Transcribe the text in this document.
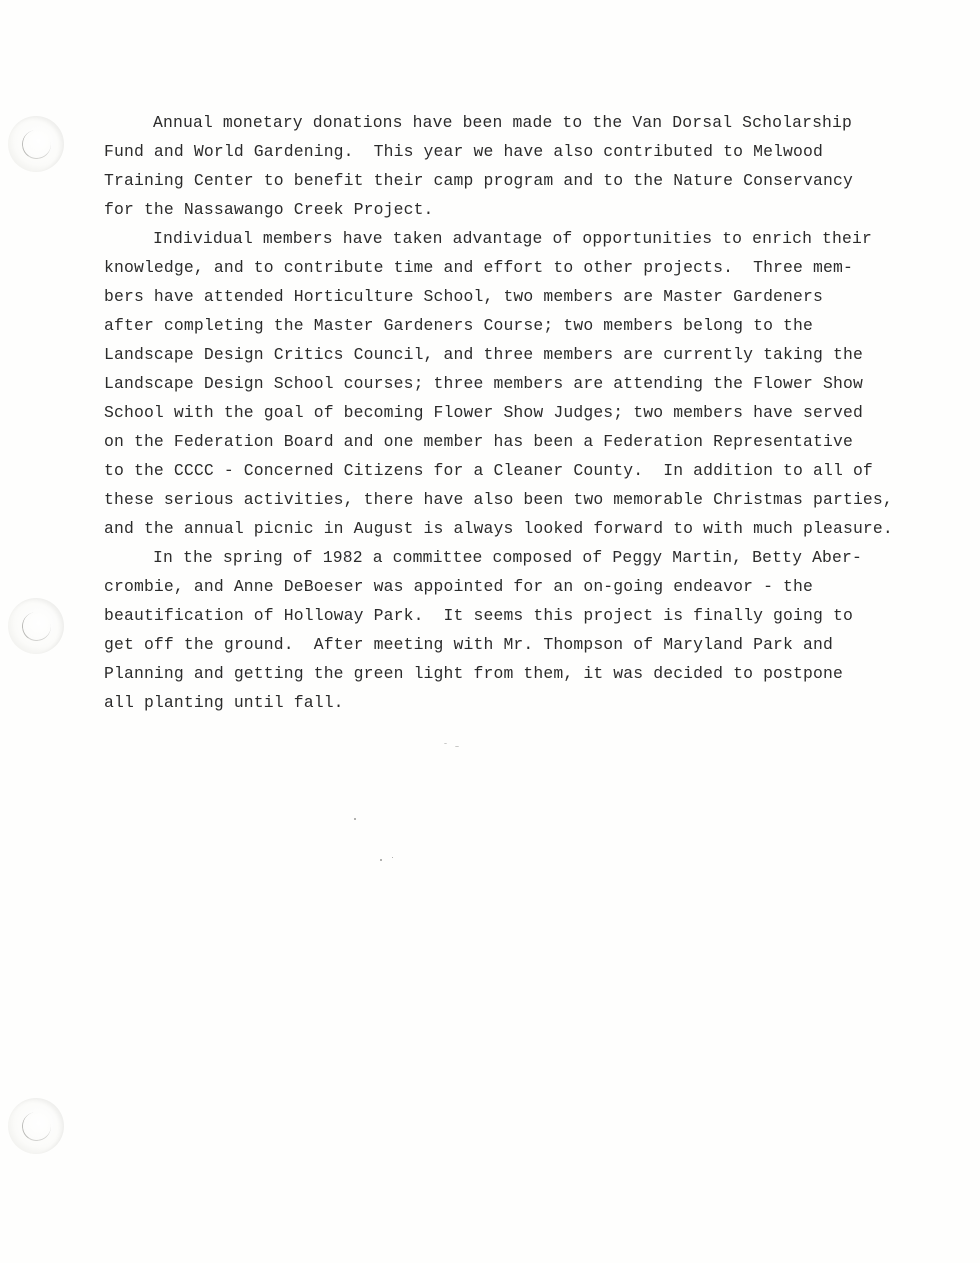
Annual monetary donations have been made to the Van Dorsal Scholarship
Fund and World Gardening.  This year we have also contributed to Melwood
Training Center to benefit their camp program and to the Nature Conservancy
for the Nassawango Creek Project.
Individual members have taken advantage of opportunities to enrich their
knowledge, and to contribute time and effort to other projects.  Three mem-
bers have attended Horticulture School, two members are Master Gardeners
after completing the Master Gardeners Course; two members belong to the
Landscape Design Critics Council, and three members are currently taking the
Landscape Design School courses; three members are attending the Flower Show
School with the goal of becoming Flower Show Judges; two members have served
on the Federation Board and one member has been a Federation Representative
to the CCCC - Concerned Citizens for a Cleaner County.  In addition to all of
these serious activities, there have also been two memorable Christmas parties,
and the annual picnic in August is always looked forward to with much pleasure.
In the spring of 1982 a committee composed of Peggy Martin, Betty Aber-
crombie, and Anne DeBoeser was appointed for an on-going endeavor - the
beautification of Holloway Park.  It seems this project is finally going to
get off the ground.  After meeting with Mr. Thompson of Maryland Park and
Planning and getting the green light from them, it was decided to postpone
all planting until fall.
